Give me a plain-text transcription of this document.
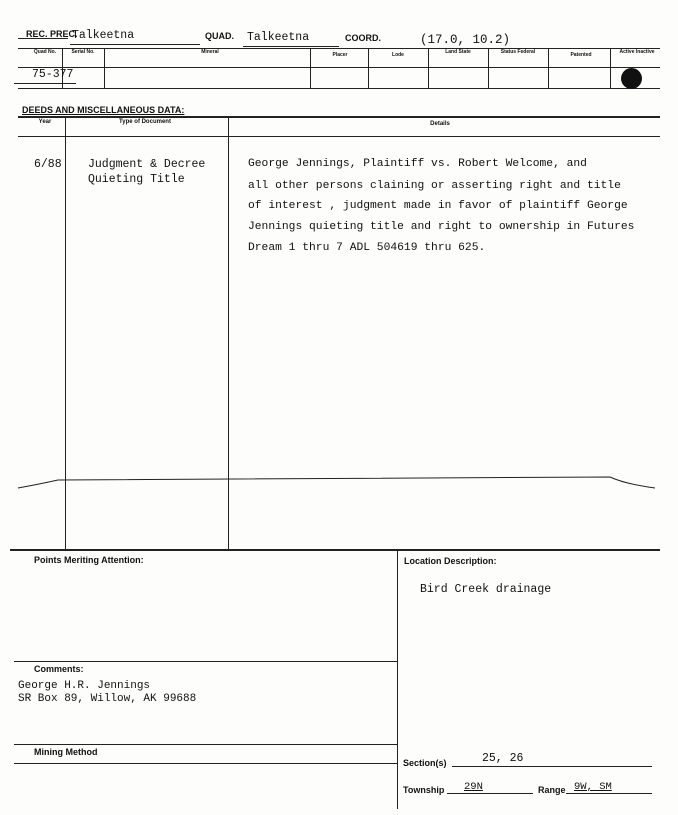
REC. PREC.
Talkeetna	QUAD. Talkeetna	COORD.	(17.0, 10.2)
Quad No.	Serial No.	Mineral	Placer	Lode	Land State	Status Federal	Patented	Active Inactive
75-377
DEEDS AND MISCELLANEOUS DATA:
Year	Type of Document	Details
6/88 Judgment & Decree
Quieting Title
George Jennings, Plaintiff vs. Robert Welcome, and
all other persons claining or asserting right and title
of interest , judgment made in favor of plaintiff George
Jennings quieting title and right to ownership in Futures
Dream 1 thru 7 ADL 504619 thru 625.
Points Meriting Attention:	Location Description:
Bird Creek drainage
Comments:
George H.R. Jennings
SR Box 89, Willow, AK 99688
Mining Method
Section(s)	25, 26
Township 29N	Range 9W, SM
